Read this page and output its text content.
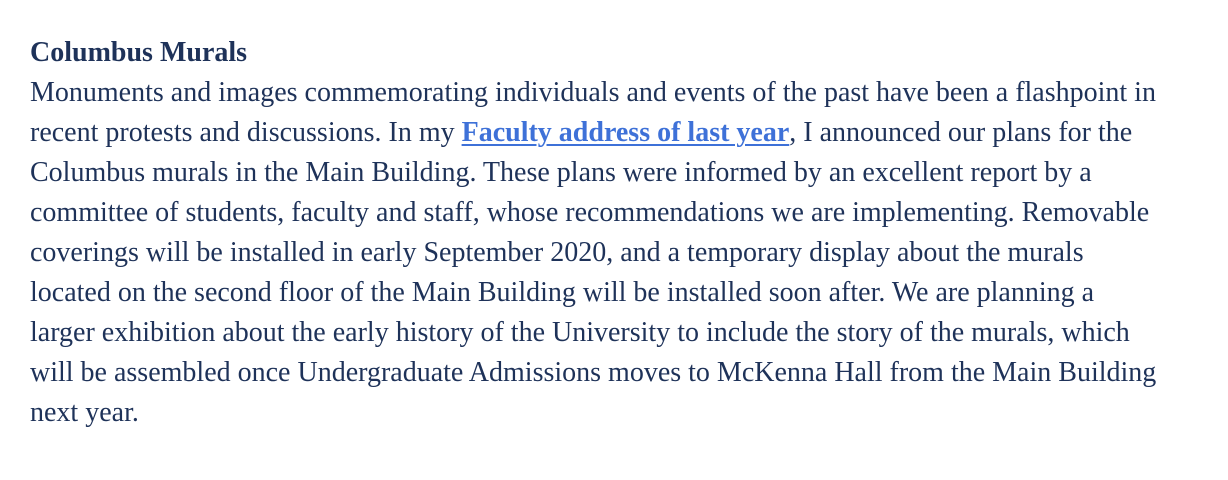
Columbus Murals

Monuments and images commemorating individuals and events of the past have been a flashpoint in recent protests and discussions. In my Faculty address of last year, I announced our plans for the Columbus murals in the Main Building. These plans were informed by an excellent report by a committee of students, faculty and staff, whose recommendations we are implementing. Removable coverings will be installed in early September 2020, and a temporary display about the murals located on the second floor of the Main Building will be installed soon after. We are planning a larger exhibition about the early history of the University to include the story of the murals, which will be assembled once Undergraduate Admissions moves to McKenna Hall from the Main Building next year.
